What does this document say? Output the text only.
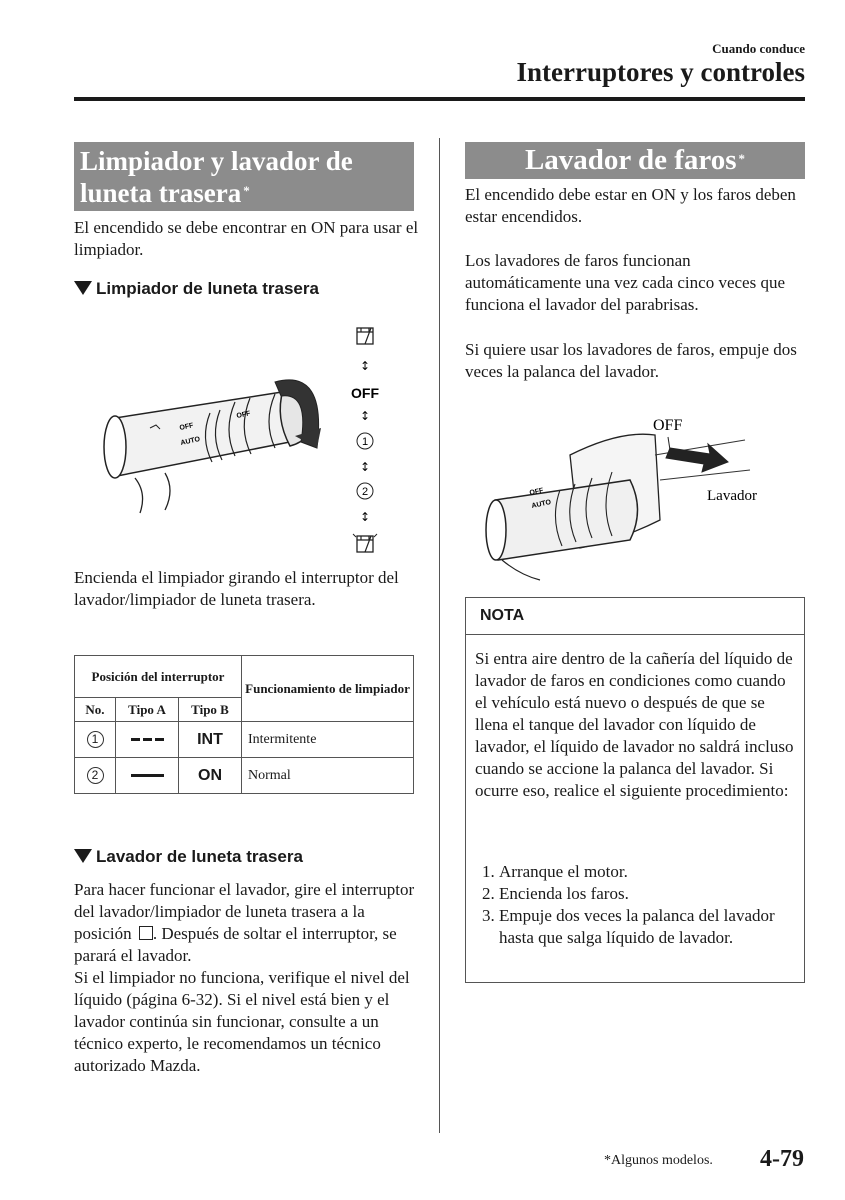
Cuando conduce
Interruptores y controles
Limpiador y lavador de
luneta trasera *
El encendido se debe encontrar en ON para usar el limpiador.
Limpiador de luneta trasera
OFF
AUTO
OFF
↕
OFF
↕
1
↕
2
↕
Encienda el limpiador girando el interruptor del lavador/limpiador de luneta trasera.
Posición del interruptor			Funcionamiento de limpiador
No.	Tipo A	Tipo B	
1		INT	Intermitente
2		ON	Normal
Lavador de luneta trasera
Para hacer funcionar el lavador, gire el interruptor del lavador/limpiador de luneta trasera a la posición . Después de soltar el interruptor, se parará el lavador.
Si el limpiador no funciona, verifique el nivel del líquido (página 6-32). Si el nivel está bien y el lavador continúa sin funcionar, consulte a un técnico experto, le recomendamos un técnico autorizado Mazda.
Lavador de faros *
El encendido debe estar en ON y los faros deben estar encendidos.
Los lavadores de faros funcionan automáticamente una vez cada cinco veces que funciona el lavador del parabrisas.
Si quiere usar los lavadores de faros, empuje dos veces la palanca del lavador.
OFF
AUTO
OFF
Lavador
NOTA
Si entra aire dentro de la cañería del líquido de lavador de faros en condiciones como cuando el vehículo está nuevo o después de que se llena el tanque del lavador con líquido de lavador, el líquido de lavador no saldrá incluso cuando se accione la palanca del lavador. Si ocurre eso, realice el siguiente procedimiento:
1. Arranque el motor.
2. Encienda los faros.
3. Empuje dos veces la palanca del lavador hasta que salga líquido de lavador.
*Algunos modelos. 4-79
